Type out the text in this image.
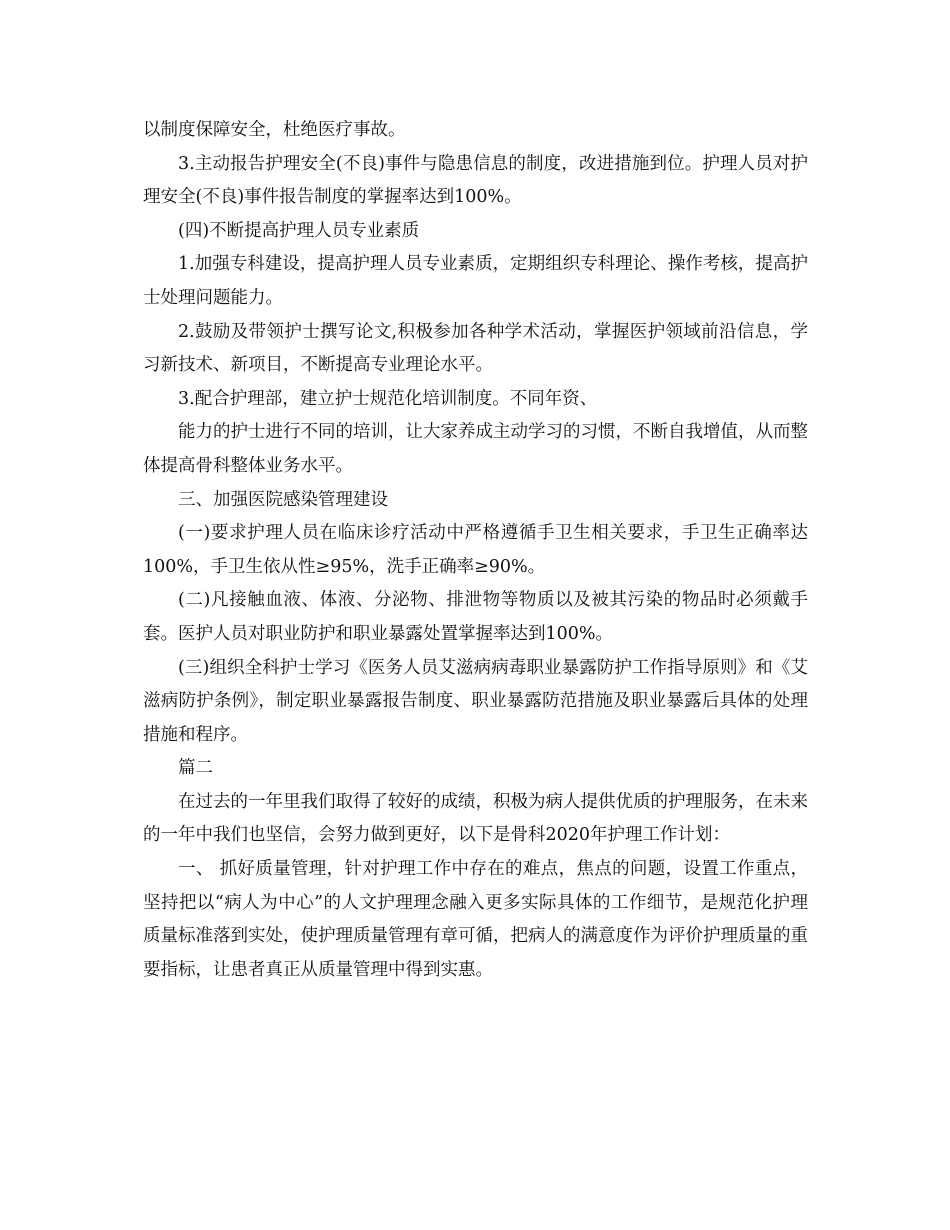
以制度保障安全，杜绝医疗事故。

3.主动报告护理安全(不良)事件与隐患信息的制度，改进措施到位。护理人员对护理安全(不良)事件报告制度的掌握率达到100%。

(四)不断提高护理人员专业素质

1.加强专科建设，提高护理人员专业素质，定期组织专科理论、操作考核，提高护士处理问题能力。

2.鼓励及带领护士撰写论文,积极参加各种学术活动，掌握医护领域前沿信息，学习新技术、新项目，不断提高专业理论水平。

3.配合护理部，建立护士规范化培训制度。不同年资、

能力的护士进行不同的培训，让大家养成主动学习的习惯，不断自我增值，从而整体提高骨科整体业务水平。

三、加强医院感染管理建设

(一)要求护理人员在临床诊疗活动中严格遵循手卫生相关要求，手卫生正确率达100%，手卫生依从性≥95%，洗手正确率≥90%。

(二)凡接触血液、体液、分泌物、排泄物等物质以及被其污染的物品时必须戴手套。医护人员对职业防护和职业暴露处置掌握率达到100%。

(三)组织全科护士学习《医务人员艾滋病病毒职业暴露防护工作指导原则》和《艾滋病防护条例》，制定职业暴露报告制度、职业暴露防范措施及职业暴露后具体的处理措施和程序。

篇二

在过去的一年里我们取得了较好的成绩，积极为病人提供优质的护理服务，在未来的一年中我们也坚信，会努力做到更好，以下是骨科2020年护理工作计划：

一、 抓好质量管理，针对护理工作中存在的难点，焦点的问题，设置工作重点，坚持把以“病人为中心”的人文护理理念融入更多实际具体的工作细节，是规范化护理质量标准落到实处，使护理质量管理有章可循，把病人的满意度作为评价护理质量的重要指标，让患者真正从质量管理中得到实惠。
